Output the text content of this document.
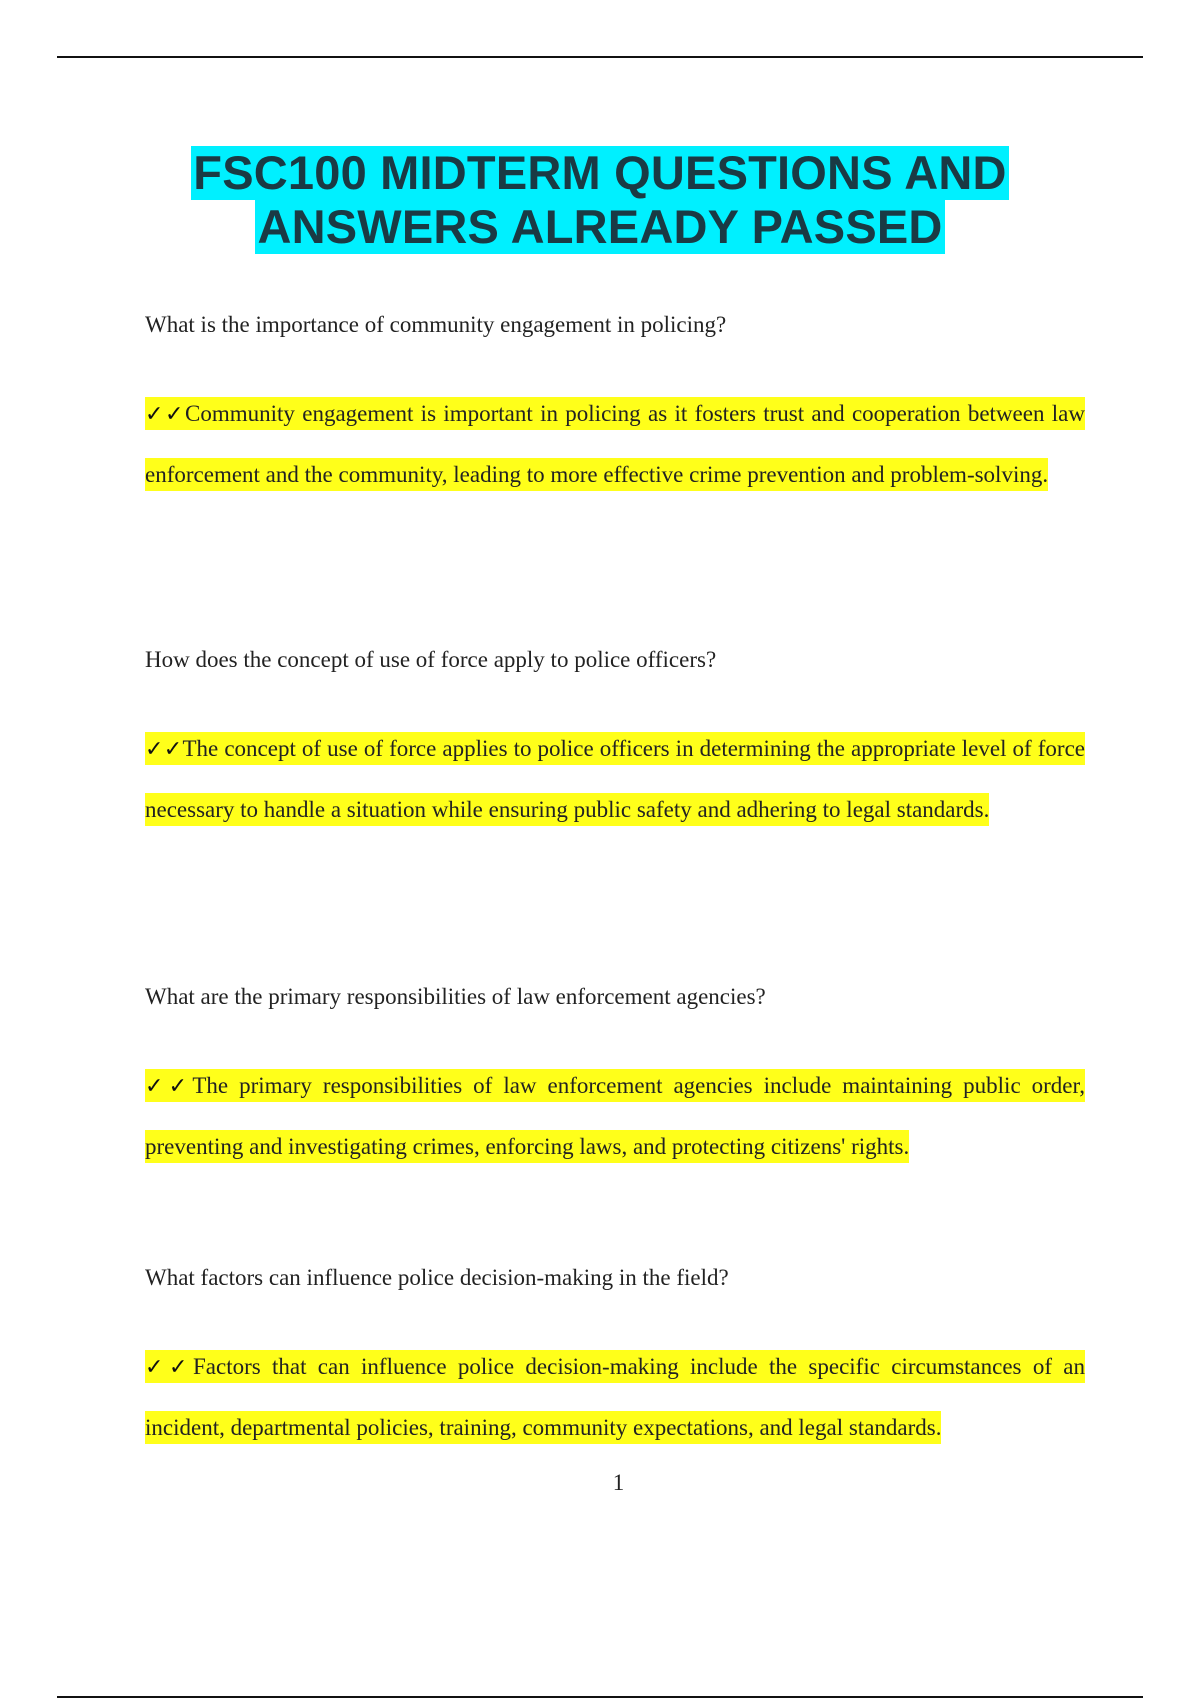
FSC100 MIDTERM QUESTIONS AND
ANSWERS ALREADY PASSED

What is the importance of community engagement in policing?

✓✓Community engagement is important in policing as it fosters trust and cooperation between law enforcement and the community, leading to more effective crime prevention and problem-solving.

How does the concept of use of force apply to police officers?

✓✓The concept of use of force applies to police officers in determining the appropriate level of force necessary to handle a situation while ensuring public safety and adhering to legal standards.

What are the primary responsibilities of law enforcement agencies?

✓✓The primary responsibilities of law enforcement agencies include maintaining public order, preventing and investigating crimes, enforcing laws, and protecting citizens' rights.

What factors can influence police decision-making in the field?

✓✓Factors that can influence police decision-making include the specific circumstances of an incident, departmental policies, training, community expectations, and legal standards.

1
